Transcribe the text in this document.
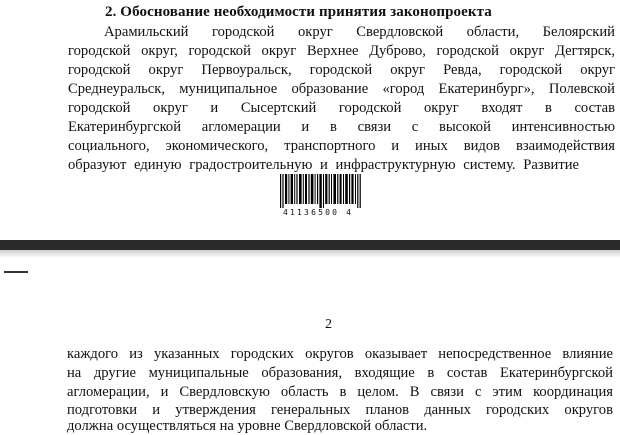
2. Обоснование необходимости принятия законопроекта
Арамильский городской округ Свердловской области, Белоярский
городской округ, городской округ Верхнее Дуброво, городской округ Дегтярск,
городской округ Первоуральск, городской округ Ревда, городской округ
Среднеуральск, муниципальное образование «город Екатеринбург», Полевской
городской округ и Сысертский городской округ входят в состав
Екатеринбургской агломерации и в связи с высокой интенсивностью
социального, экономического, транспортного и иных видов взаимодействия
образуют единую градостроительную и инфраструктурную систему. Развитие
41136500 4
2
каждого из указанных городских округов оказывает непосредственное влияние
на другие муниципальные образования, входящие в состав Екатеринбургской
агломерации, и Свердловскую область в целом. В связи с этим координация
подготовки и утверждения генеральных планов данных городских округов
должна осуществляться на уровне Свердловской области.
